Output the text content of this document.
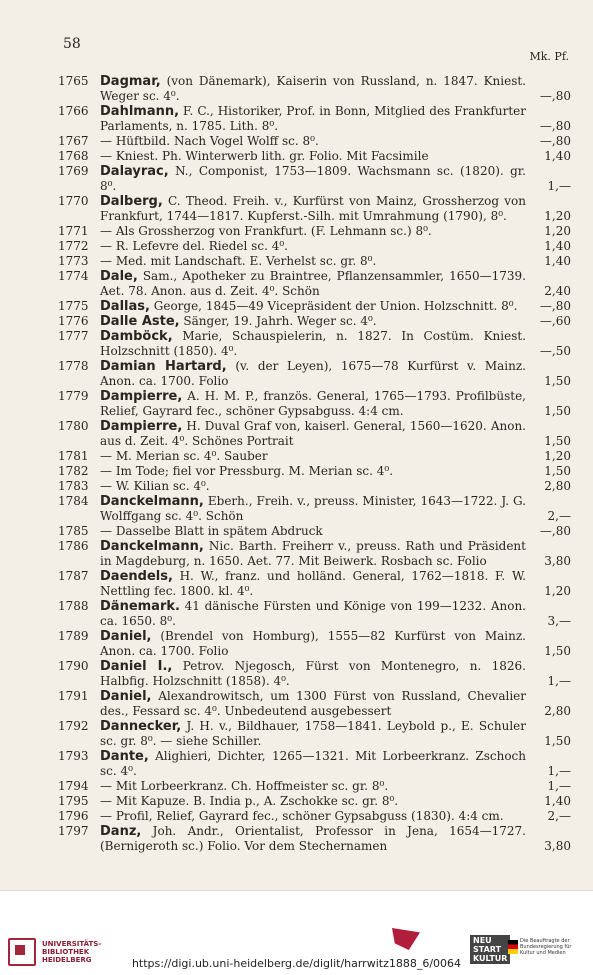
58
Mk. Pf.
1765 Dagmar, (von Dänemark), Kaiserin von Russland, n. 1847. Kniest. Weger sc. 4⁰.	—,80
1766 Dahlmann, F. C., Historiker, Prof. in Bonn, Mitglied des Frankfurter Parlaments, n. 1785. Lith. 8⁰.	—,80
1767 — Hüftbild. Nach Vogel Wolff sc. 8⁰.	—,80
1768 — Kniest. Ph. Winterwerb lith. gr. Folio. Mit Facsimile	1,40
1769 Dalayrac, N., Componist, 1753—1809. Wachsmann sc. (1820). gr. 8⁰.	1,—
1770 Dalberg, C. Theod. Freih. v., Kurfürst von Mainz, Grossherzog von Frankfurt, 1744—1817. Kupferst.-Silh. mit Umrahmung (1790), 8⁰.	1,20
1771 — Als Grossherzog von Frankfurt. (F. Lehmann sc.) 8⁰.	1,20
1772 — R. Lefevre del. Riedel sc. 4⁰.	1,40
1773 — Med. mit Landschaft. E. Verhelst sc. gr. 8⁰.	1,40
1774 Dale, Sam., Apotheker zu Braintree, Pflanzensammler, 1650—1739. Aet. 78. Anon. aus d. Zeit. 4⁰. Schön	2,40
1775 Dallas, George, 1845—49 Vicepräsident der Union. Holzschnitt. 8⁰.	—,80
1776 Dalle Aste, Sänger, 19. Jahrh. Weger sc. 4⁰.	—,60
1777 Damböck, Marie, Schauspielerin, n. 1827. In Costüm. Kniest. Holzschnitt (1850). 4⁰.	—,50
1778 Damian Hartard, (v. der Leyen), 1675—78 Kurfürst v. Mainz. Anon. ca. 1700. Folio	1,50
1779 Dampierre, A. H. M. P., französ. General, 1765—1793. Profilbüste, Relief, Gayrard fec., schöner Gypsabguss. 4:4 cm.	1,50
1780 Dampierre, H. Duval Graf von, kaiserl. General, 1560—1620. Anon. aus d. Zeit. 4⁰. Schönes Portrait	1,50
1781 — M. Merian sc. 4⁰. Sauber	1,20
1782 — Im Tode; fiel vor Pressburg. M. Merian sc. 4⁰.	1,50
1783 — W. Kilian sc. 4⁰.	2,80
1784 Danckelmann, Eberh., Freih. v., preuss. Minister, 1643—1722. J. G. Wolffgang sc. 4⁰. Schön	2,—
1785 — Dasselbe Blatt in spätem Abdruck	—,80
1786 Danckelmann, Nic. Barth. Freiherr v., preuss. Rath und Präsident in Magdeburg, n. 1650. Aet. 77. Mit Beiwerk. Rosbach sc. Folio	3,80
1787 Daendels, H. W., franz. und holländ. General, 1762—1818. F. W. Nettling fec. 1800. kl. 4⁰.	1,20
1788 Dänemark. 41 dänische Fürsten und Könige von 199—1232. Anon. ca. 1650. 8⁰.	3,—
1789 Daniel, (Brendel von Homburg), 1555—82 Kurfürst von Mainz. Anon. ca. 1700. Folio	1,50
1790 Daniel I., Petrov. Njegosch, Fürst von Montenegro, n. 1826. Halbfig. Holzschnitt (1858). 4⁰.	1,—
1791 Daniel, Alexandrowitsch, um 1300 Fürst von Russland, Chevalier des., Fessard sc. 4⁰. Unbedeutend ausgebessert	2,80
1792 Dannecker, J. H. v., Bildhauer, 1758—1841. Leybold p., E. Schuler sc. gr. 8⁰. — siehe Schiller.	1,50
1793 Dante, Alighieri, Dichter, 1265—1321. Mit Lorbeerkranz. Zschoch sc. 4⁰.	1,—
1794 — Mit Lorbeerkranz. Ch. Hoffmeister sc. gr. 8⁰.	1,—
1795 — Mit Kapuze. B. India p., A. Zschokke sc. gr. 8⁰.	1,40
1796 — Profil, Relief, Gayrard fec., schöner Gypsabguss (1830). 4:4 cm.	2,—
1797 Danz, Joh. Andr., Orientalist, Professor in Jena, 1654—1727. (Bernigeroth sc.) Folio. Vor dem Stechernamen	3,80
UNIVERSITÄTS-
BIBLIOTHEK
HEIDELBERG
NEU
START
KULTUR
Die Beauftragte der Bundesregierung für Kultur und Medien
https://digi.ub.uni-heidelberg.de/diglit/harrwitz1888_6/0064
